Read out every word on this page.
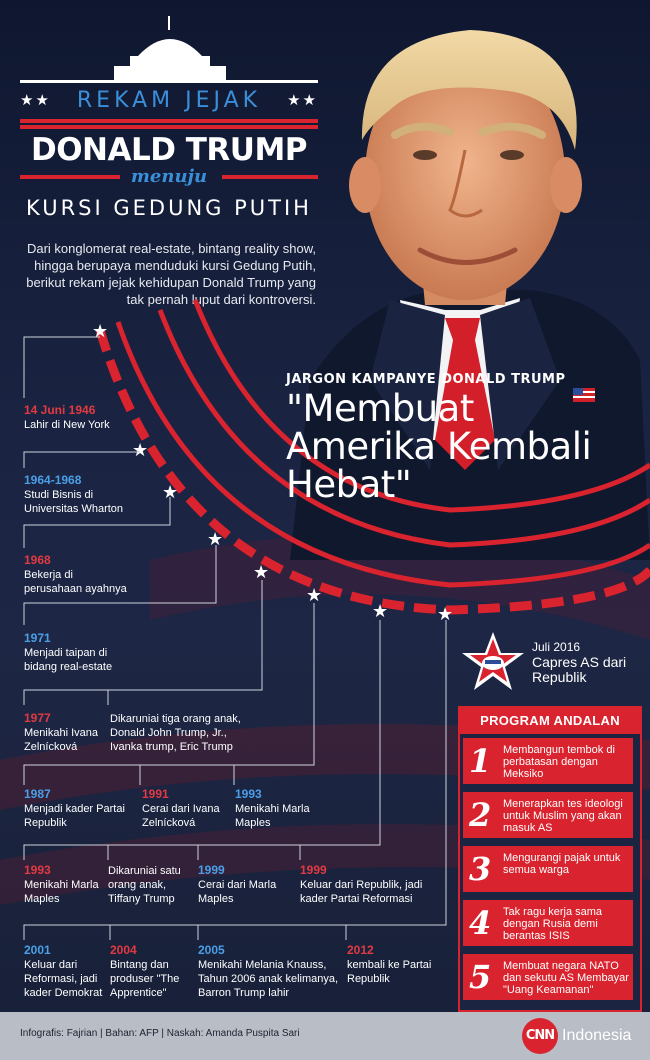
★★ REKAM JEJAK ★★
DONALD TRUMP
menuju
KURSI GEDUNG PUTIH
Dari konglomerat real-estate, bintang reality show, hingga berupaya menduduki kursi Gedung Putih, berikut rekam jejak kehidupan Donald Trump yang tak pernah luput dari kontroversi.
★
★
★
★
★
★
★	★
JARGON KAMPANYE DONALD TRUMP
"Membuat
Amerika Kembali
Hebat"
14 Juni 1946
Lahir di New York
1964-1968
Studi Bisnis di Universitas Wharton
1968
Bekerja di perusahaan ayahnya
1971
Menjadi taipan di bidang real-estate
1977
Menikahi Ivana Zelnícková
Dikaruniai tiga orang anak, Donald John Trump, Jr., Ivanka trump, Eric Trump
1987
Menjadi kader Partai Republik
1991
Cerai dari Ivana Zelnícková
1993
Menikahi Marla Maples
1993
Menikahi Marla Maples
Dikaruniai satu orang anak, Tiffany Trump
1999
Cerai dari Marla Maples
1999
Keluar dari Republik, jadi kader Partai Reformasi
2001
Keluar dari Reformasi, jadi kader Demokrat
2004
Bintang dan produser "The Apprentice"
2005
Menikahi Melania Knauss, Tahun 2006 anak kelimanya, Barron Trump lahir
2012
kembali ke Partai Republik
Juli 2016
Capres AS dari
Republik
PROGRAM ANDALAN
1 Membangun tembok di perbatasan dengan Meksiko
2 Menerapkan tes ideologi untuk Muslim yang akan masuk AS
3 Mengurangi pajak untuk semua warga
4 Tak ragu kerja sama dengan Rusia demi berantas ISIS
5 Membuat negara NATO dan sekutu AS Membayar "Uang Keamanan"
Infografis: Fajrian | Bahan: AFP | Naskah: Amanda Puspita Sari	CNN Indonesia
